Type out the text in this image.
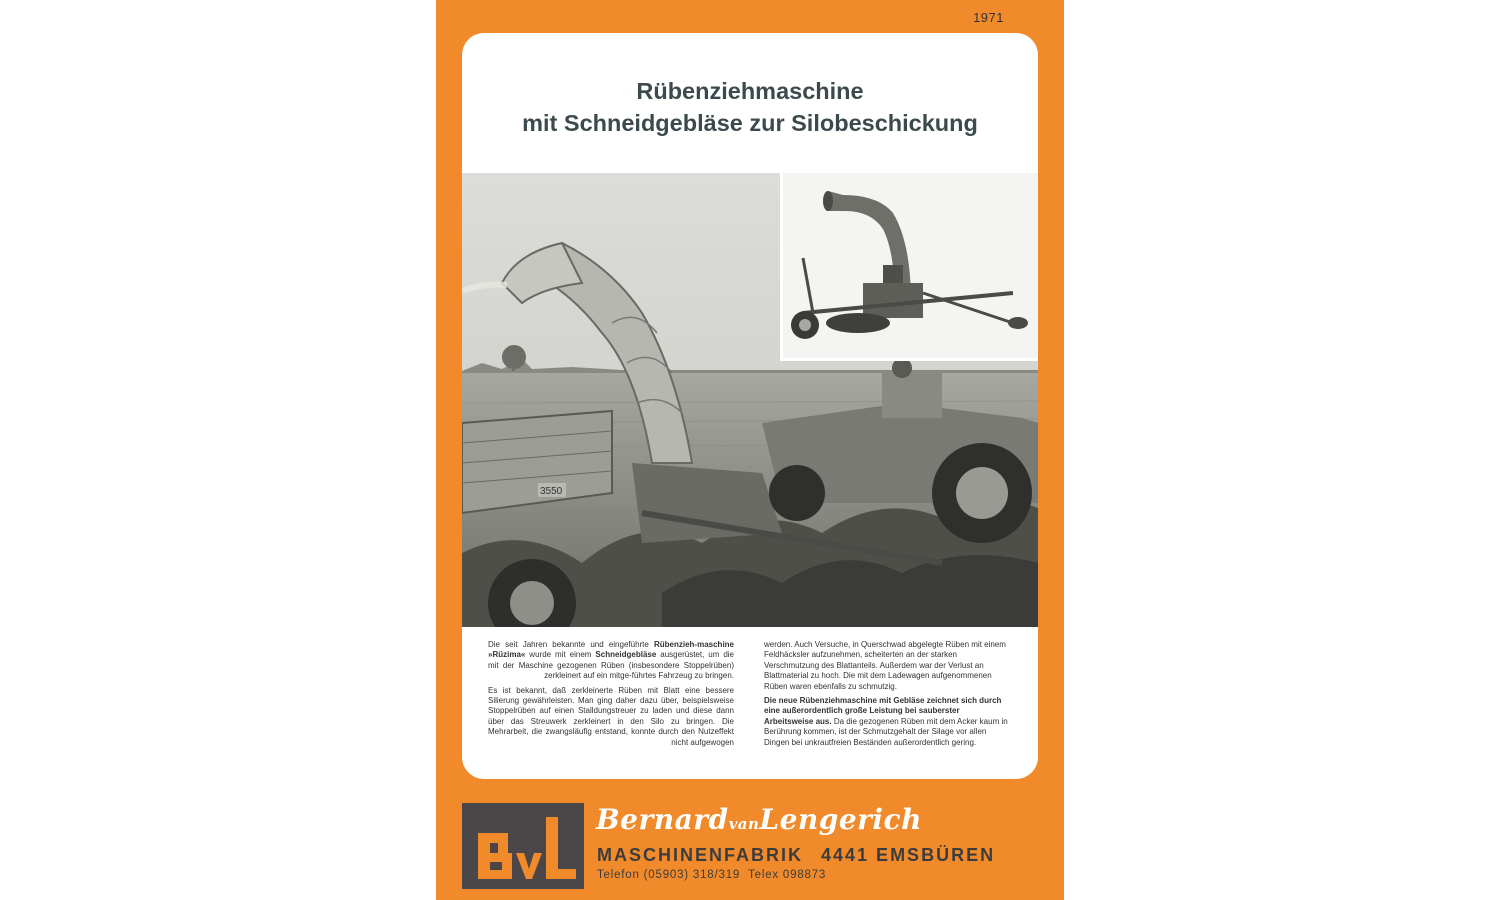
1971
Rübenziehmaschine
mit Schneidgebläse zur Silobeschickung
3550

Die seit Jahren bekannte und eingeführte Rübenzieh-maschine »Rüzima« wurde mit einem Schneidgebläse ausgerüstet, um die mit der Maschine gezogenen Rüben (insbesondere Stoppelrüben) zerkleinert auf ein mitge-führtes Fahrzeug zu bringen.

Es ist bekannt, daß zerkleinerte Rüben mit Blatt eine bessere Silierung gewährleisten. Man ging daher dazu über, beispielsweise Stoppelrüben auf einen Stalldungstreuer zu laden und diese dann über das Streuwerk zerkleinert in den Silo zu bringen. Die Mehrarbeit, die zwangsläufig entstand, konnte durch den Nutzeffekt nicht aufgewogen

werden. Auch Versuche, in Querschwad abgelegte Rüben mit einem Feldhäcksler aufzunehmen, scheiterten an der starken Verschmutzung des Blattanteils. Außerdem war der Verlust an Blattmaterial zu hoch. Die mit dem Ladewagen aufgenommenen Rüben waren ebenfalls zu schmutzig.

Die neue Rübenziehmaschine mit Gebläse zeichnet sich durch eine außerordentlich große Leistung bei sauberster Arbeitsweise aus. Da die gezogenen Rüben mit dem Acker kaum in Berührung kommen, ist der Schmutzgehalt der Silage vor allen Dingen bei unkrautfreien Beständen außerordentlich gering.

BernardvanLengerich
MASCHINENFABRIK 4441 EMSBÜREN
Telefon (05903) 318/319 Telex 098873
